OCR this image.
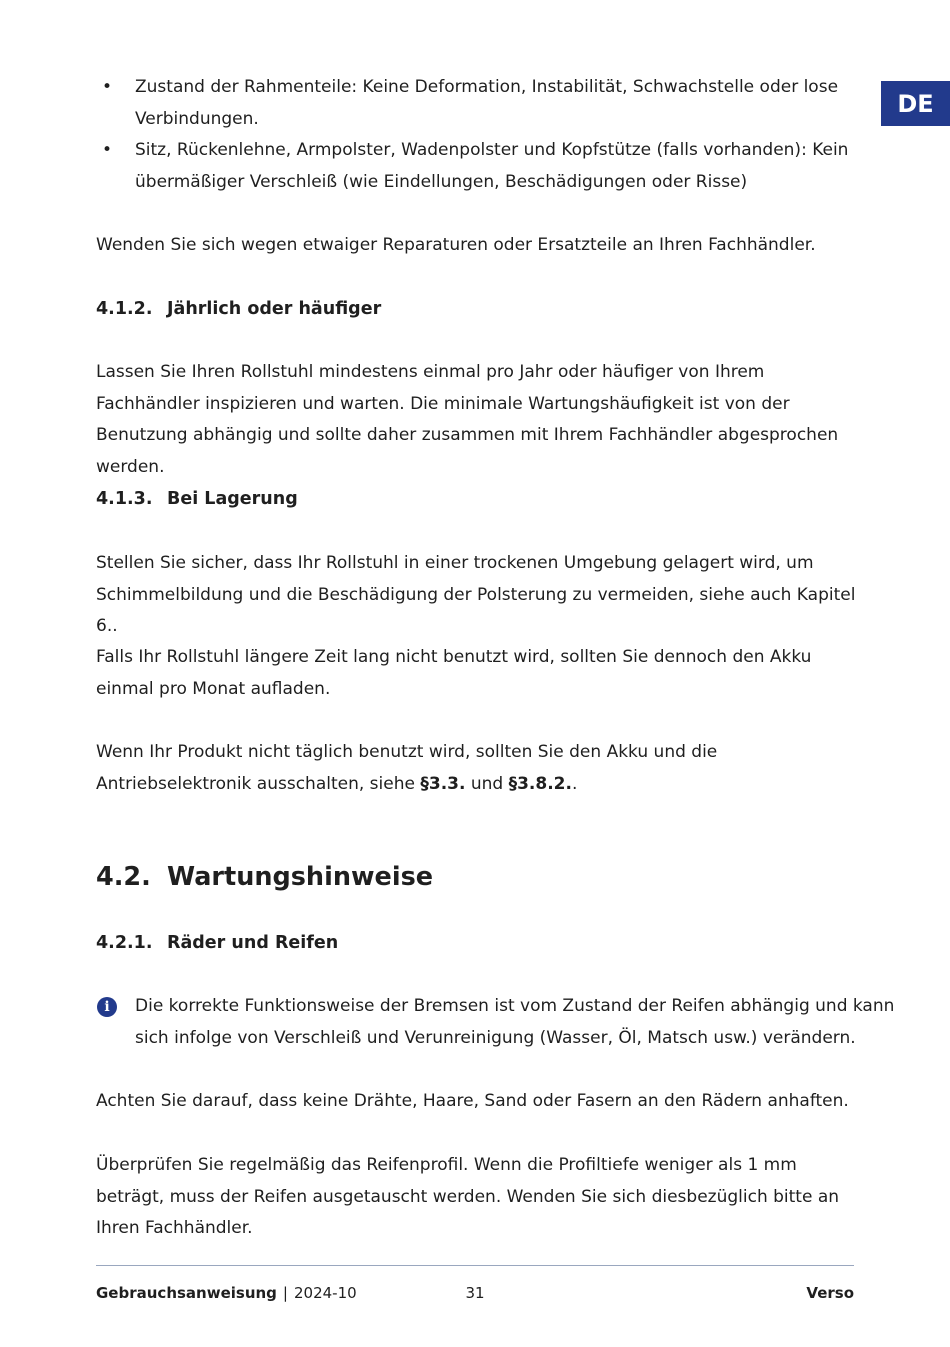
DE
• Zustand der Rahmenteile: Keine Deformation, Instabilität, Schwachstelle oder lose Verbindungen.
• Sitz, Rückenlehne, Armpolster, Wadenpolster und Kopfstütze (falls vorhanden): Kein übermäßiger Verschleiß (wie Eindellungen, Beschädigungen oder Risse)

Wenden Sie sich wegen etwaiger Reparaturen oder Ersatzteile an Ihren Fachhändler.

4.1.2. Jährlich oder häufiger

Lassen Sie Ihren Rollstuhl mindestens einmal pro Jahr oder häufiger von Ihrem Fachhändler inspizieren und warten. Die minimale Wartungshäufigkeit ist von der Benutzung abhängig und sollte daher zusammen mit Ihrem Fachhändler abgesprochen werden.

4.1.3. Bei Lagerung

Stellen Sie sicher, dass Ihr Rollstuhl in einer trockenen Umgebung gelagert wird, um Schimmelbildung und die Beschädigung der Polsterung zu vermeiden, siehe auch Kapitel 6..

Falls Ihr Rollstuhl längere Zeit lang nicht benutzt wird, sollten Sie dennoch den Akku einmal pro Monat aufladen.

Wenn Ihr Produkt nicht täglich benutzt wird, sollten Sie den Akku und die Antriebselektronik ausschalten, siehe §3.3. und §3.8.2..

4.2. Wartungshinweise
4.2.1. Räder und Reifen
i	Die korrekte Funktionsweise der Bremsen ist vom Zustand der Reifen abhängig und kann sich infolge von Verschleiß und Verunreinigung (Wasser, Öl, Matsch usw.) verändern.

Achten Sie darauf, dass keine Drähte, Haare, Sand oder Fasern an den Rädern anhaften.

Überprüfen Sie regelmäßig das Reifenprofil. Wenn die Profiltiefe weniger als 1 mm beträgt, muss der Reifen ausgetauscht werden. Wenden Sie sich diesbezüglich bitte an Ihren Fachhändler.

Gebrauchsanweisung | 2024-10	31	Verso
